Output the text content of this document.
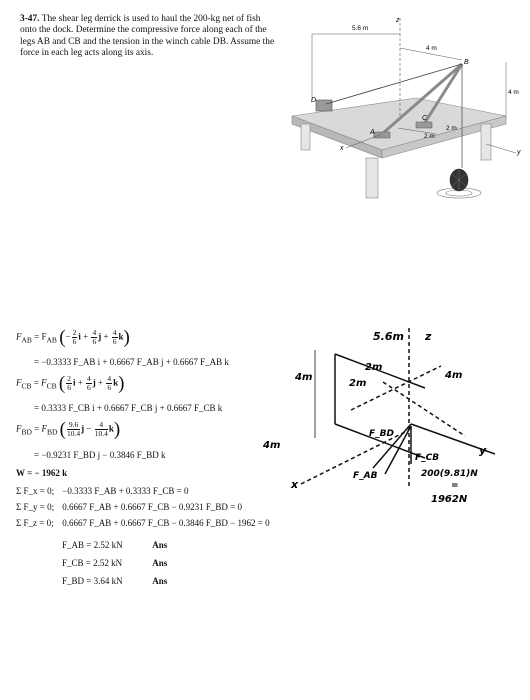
3-47. The shear leg derrick is used to haul the 200-kg net of fish onto the dock. Determine the compressive force along each of the legs AB and CB and the tension in the winch cable DB. Assume the force in each leg acts along its axis.
z
5.6 m
4 m
4 m
D
B
A
C
2 m
2 m
x
y
5.6m z
2m
2m
4m	4m
F_BD
F_CB
F_AB
4m
x
y
200(9.81)N
=
1962N
$F_{AB} = F_{AB}$ (− $\frac{2}{6}$ $i + \frac{4}{6}$ $j + \frac{4}{6} k$)
= −0.3333 F_AB i + 0.6667 F_AB j + 0.6667 F_AB k
$F_{CB} = F_{CB}$ ( $\frac{2}{6}$ $i + \frac{4}{6}$ $j + \frac{4}{6} k$)
= 0.3333 F_CB i + 0.6667 F_CB j + 0.6667 F_CB k
$F_{BD} = F_{BD}$ ( $\frac{9.6}{10.4}$ $j - \frac{4}{10.4} k$)
= −0.9231 F_BD j − 0.3846 F_BD k
W = − 1962 k
Σ F_x = 0; −0.3333 F_AB + 0.3333 F_CB = 0
Σ F_y = 0; 0.6667 F_AB + 0.6667 F_CB − 0.9231 F_BD = 0
Σ F_z = 0; 0.6667 F_AB + 0.6667 F_CB − 0.3846 F_BD − 1962 = 0
F_AB = 2.52 kN	Ans
F_CB = 2.52 kN	Ans
F_BD = 3.64 kN	Ans
